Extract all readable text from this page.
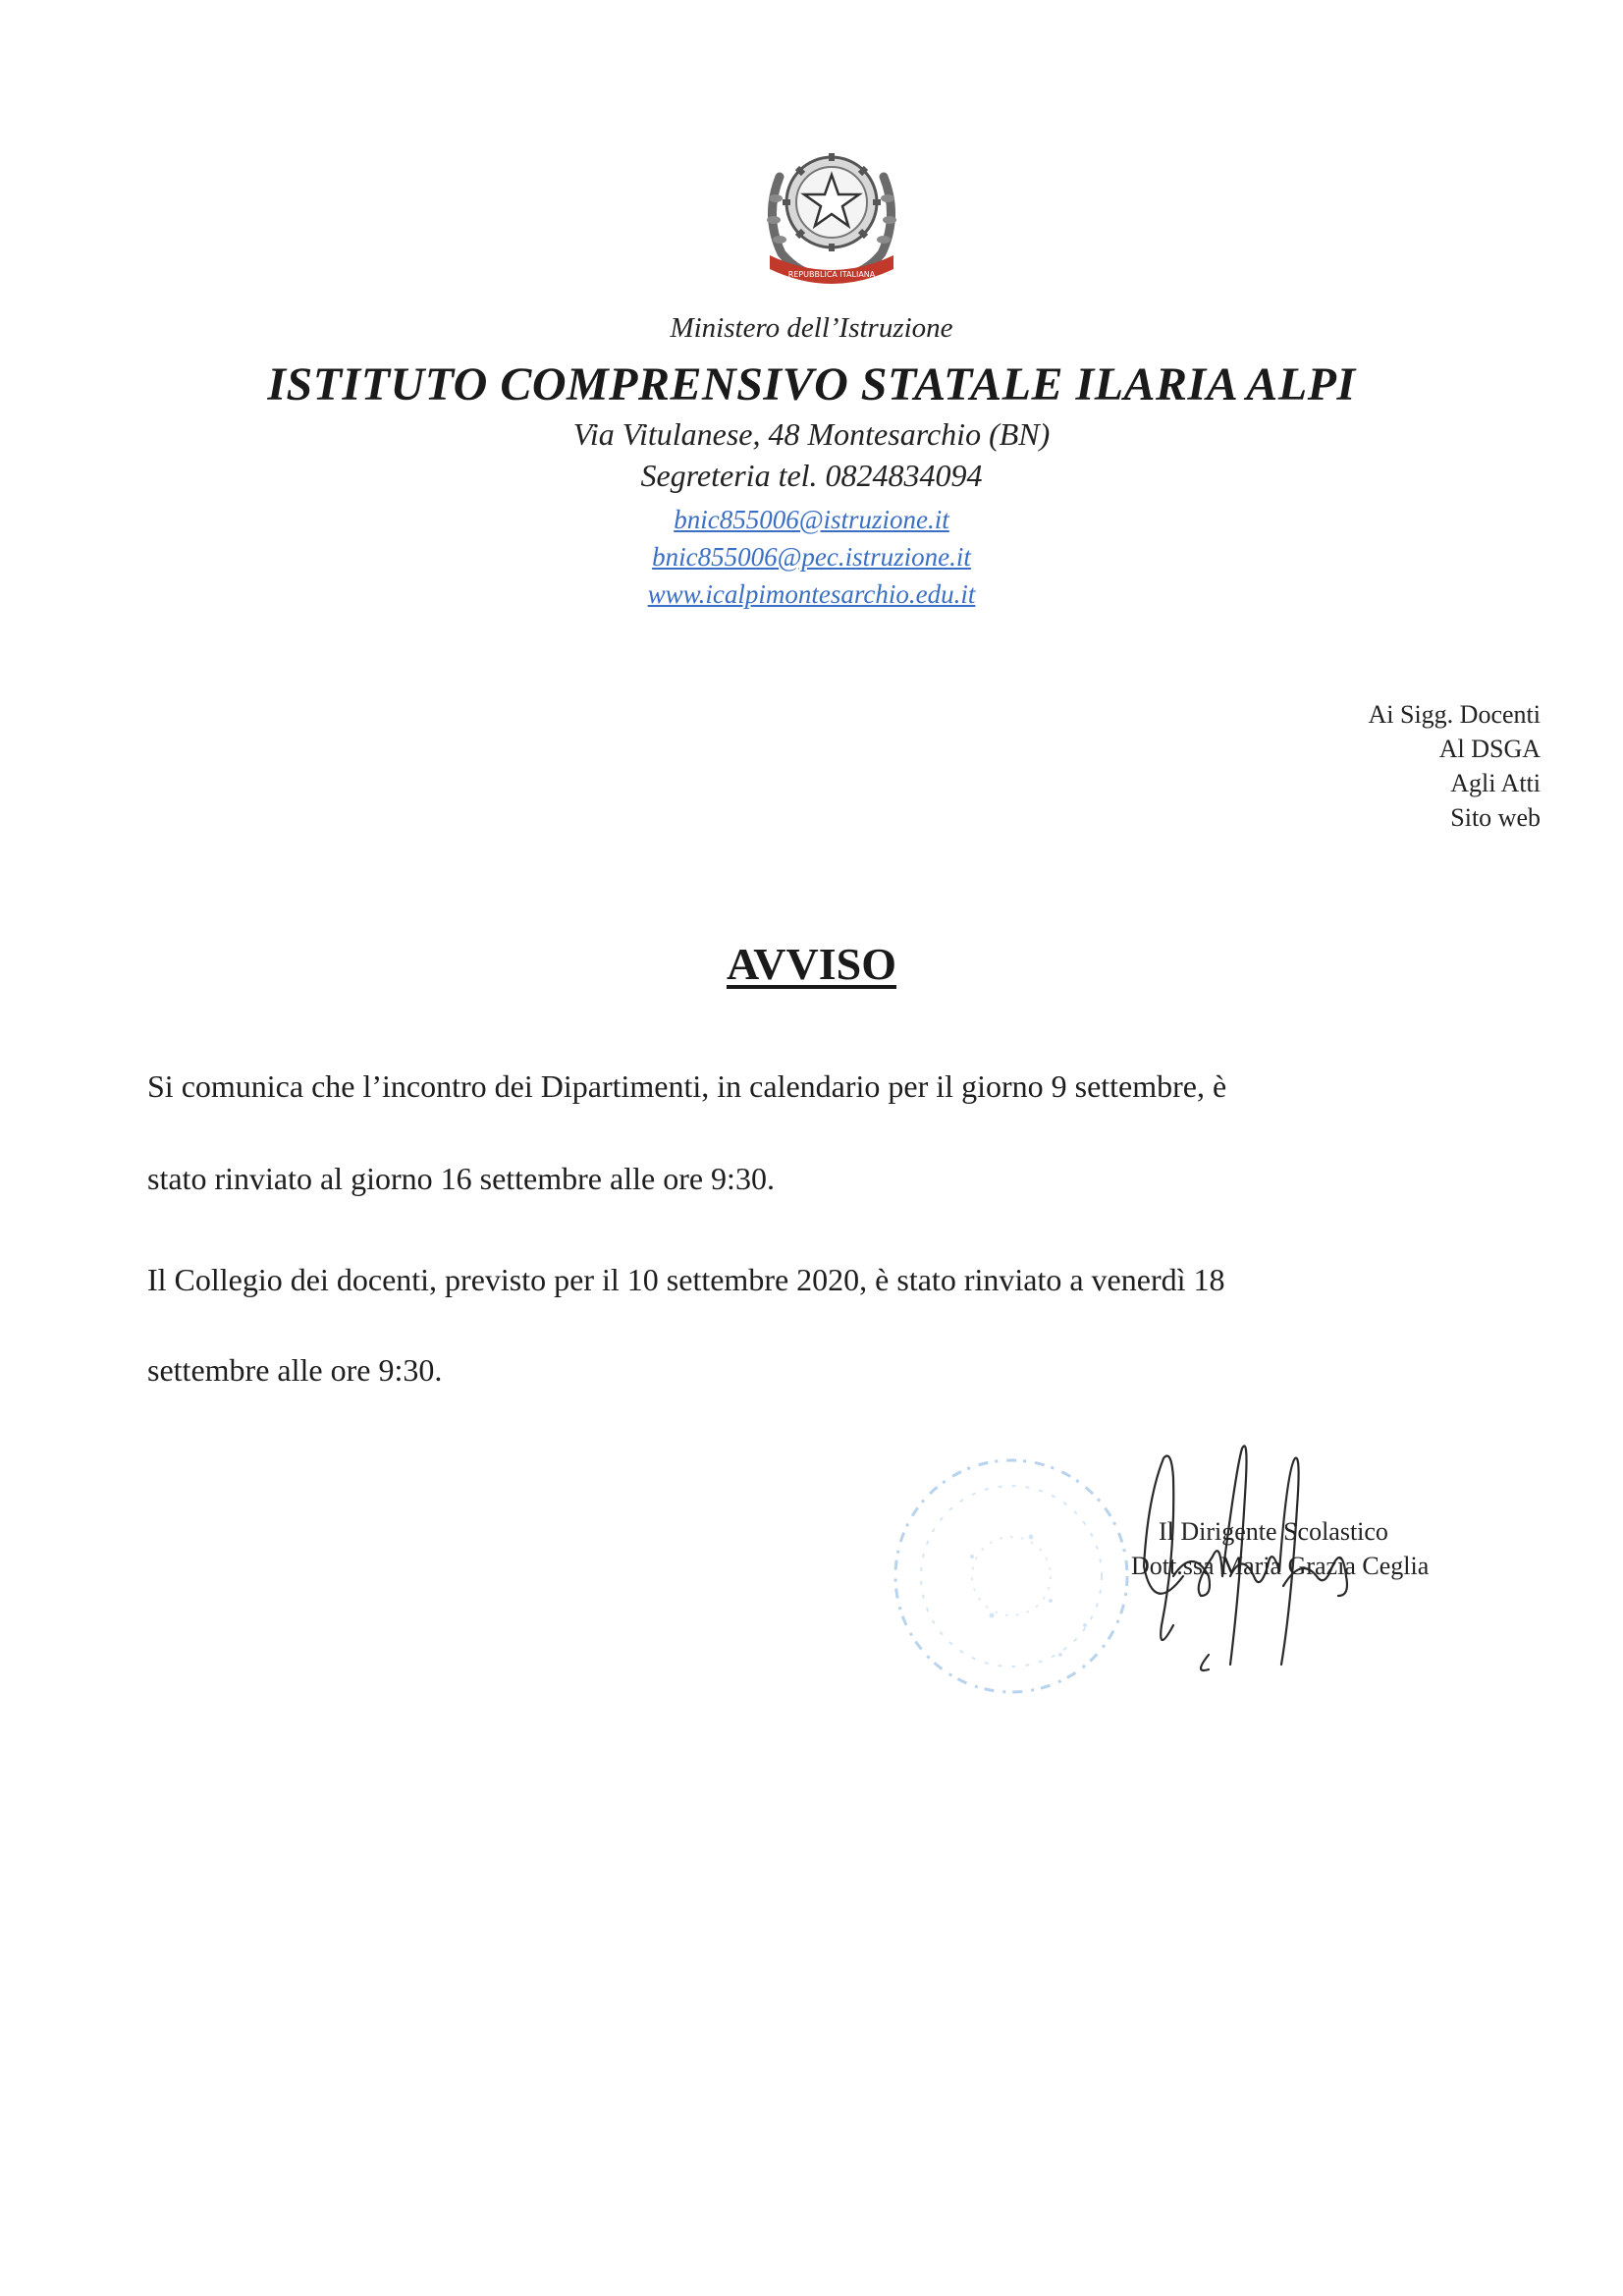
REPUBBLICA ITALIANA
Ministero dell’Istruzione
ISTITUTO COMPRENSIVO STATALE ILARIA ALPI
Via Vitulanese, 48 Montesarchio (BN)
Segreteria tel. 0824834094
bnic855006@istruzione.it
bnic855006@pec.istruzione.it
www.icalpimontesarchio.edu.it
Ai Sigg. Docenti
Al DSGA
Agli Atti
Sito web
AVVISO
Si comunica che l’incontro dei Dipartimenti, in calendario per il giorno 9 settembre, è
stato rinviato al giorno 16 settembre alle ore 9:30.
Il Collegio dei docenti, previsto per il 10 settembre 2020, è stato rinviato a venerdì 18
settembre alle ore 9:30.
Il Dirigente Scolastico
Dott.ssa Maria Grazia Ceglia
